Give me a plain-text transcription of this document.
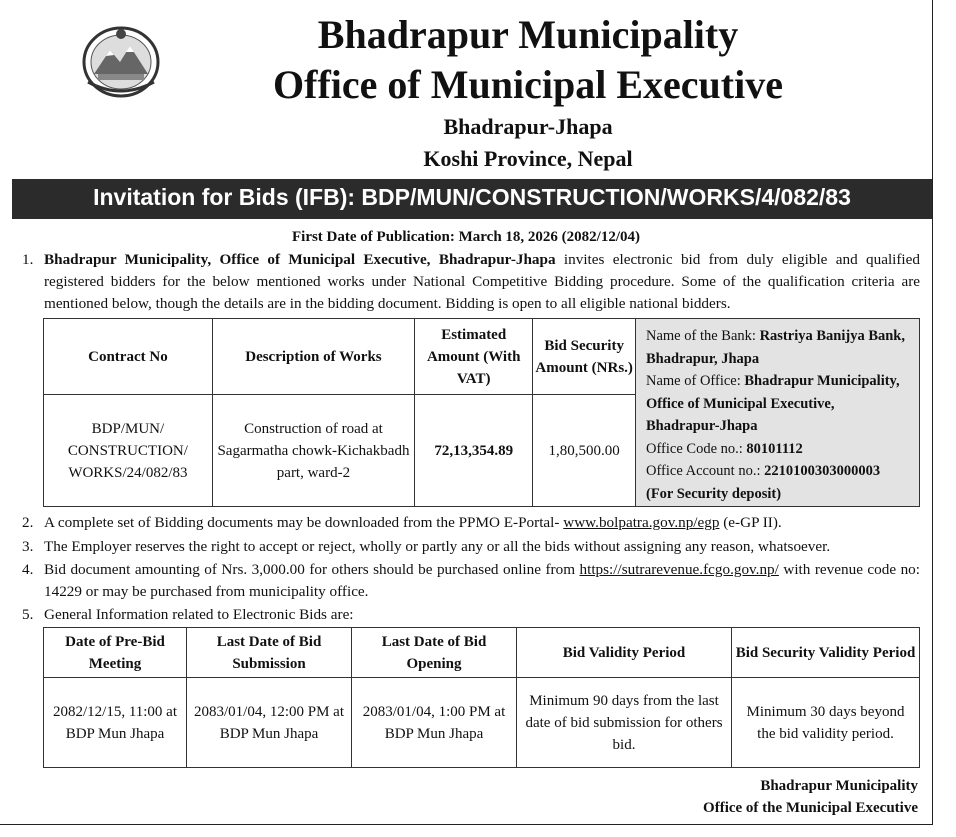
Bhadrapur Municipality
Office of Municipal Executive
Bhadrapur-Jhapa
Koshi Province, Nepal
Invitation for Bids (IFB): BDP/MUN/CONSTRUCTION/WORKS/4/082/83
First Date of Publication: March 18, 2026 (2082/12/04)
1. Bhadrapur Municipality, Office of Municipal Executive, Bhadrapur-Jhapa invites electronic bid from duly eligible and qualified registered bidders for the below mentioned works under National Competitive Bidding procedure. Some of the qualification criteria are mentioned below, though the details are in the bidding document. Bidding is open to all eligible national bidders.
Contract No	Description of Works	Estimated Amount (With VAT)	Bid Security Amount (NRs.)
BDP/MUN/ CONSTRUCTION/ WORKS/24/082/83	Construction of road at Sagarmatha chowk-Kichakbadh part, ward-2	72,13,354.89	1,80,500.00
Name of the Bank: Rastriya Banijya Bank, Bhadrapur, Jhapa
Name of Office: Bhadrapur Municipality, Office of Municipal Executive, Bhadrapur-Jhapa
Office Code no.: 80101112
Office Account no.: 2210100303000003
(For Security deposit)
2. A complete set of Bidding documents may be downloaded from the PPMO E-Portal- www.bolpatra.gov.np/egp (e-GP II).
3. The Employer reserves the right to accept or reject, wholly or partly any or all the bids without assigning any reason, whatsoever.
4. Bid document amounting of Nrs. 3,000.00 for others should be purchased online from https://sutrarevenue.fcgo.gov.np/ with revenue code no: 14229 or may be purchased from municipality office.
5. General Information related to Electronic Bids are:
Date of Pre-Bid Meeting	Last Date of Bid Submission	Last Date of Bid Opening	Bid Validity Period	Bid Security Validity Period
2082/12/15, 11:00 at BDP Mun Jhapa	2083/01/04, 12:00 PM at BDP Mun Jhapa	2083/01/04, 1:00 PM at BDP Mun Jhapa	Minimum 90 days from the last date of bid submission for others bid.	Minimum 30 days beyond the bid validity period.
Bhadrapur Municipality
Office of the Municipal Executive
